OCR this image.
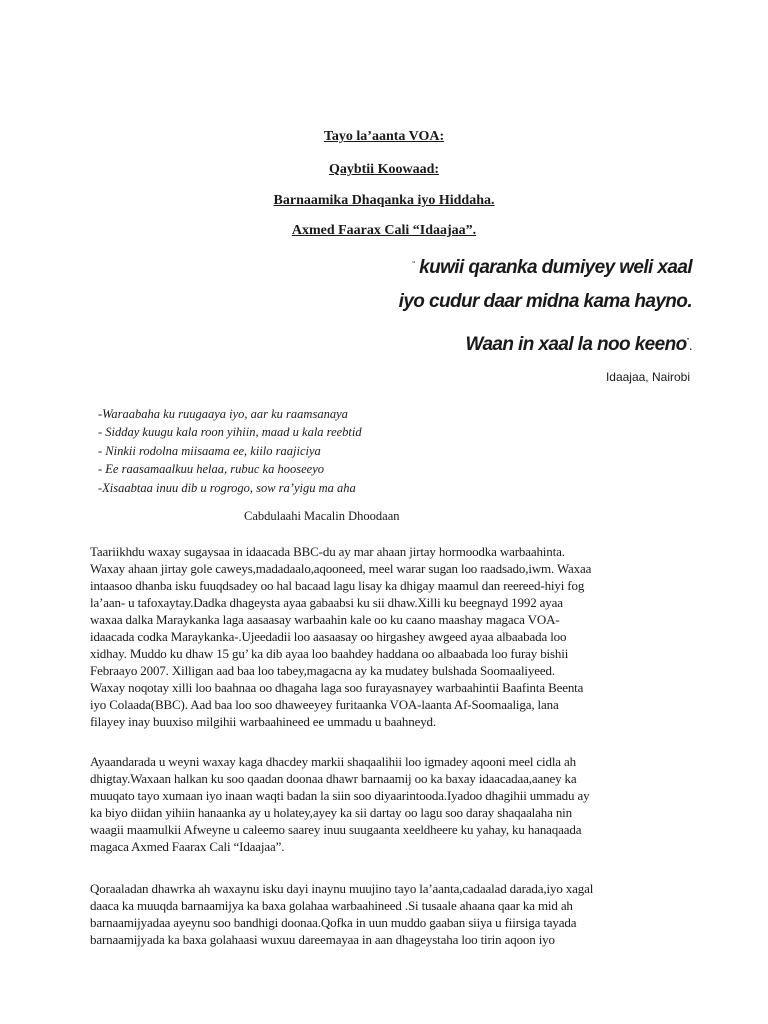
Tayo la’aanta VOA:
Qaybtii Koowaad:
Barnaamika Dhaqanka iyo Hiddaha.
Axmed Faarax Cali “Idaajaa”.
“ kuwii qaranka dumiyey weli xaal
iyo cudur daar midna kama hayno.
Waan in xaal la noo keeno”.
Idaajaa, Nairobi
-Waraabaha ku ruugaaya iyo, aar ku raamsanaya
- Sidday kuugu kala roon yihiin, maad u kala reebtid
- Ninkii rodolna miisaama ee, kiilo raajiciya
- Ee raasamaalkuu helaa, rubuc ka hooseeyo
-Xisaabtaa inuu dib u rogrogo, sow ra’yigu ma aha
Cabdulaahi Macalin Dhoodaan
Taariikhdu waxay sugaysaa in idaacada BBC-du ay mar ahaan jirtay hormoodka warbaahinta.
Waxay ahaan jirtay gole caweys,madadaalo,aqooneed, meel warar sugan loo raadsado,iwm. Waxaa
intaasoo dhanba isku fuuqdsadey oo hal bacaad lagu lisay ka dhigay maamul dan reereed-hiyi fog
la’aan- u tafoxaytay.Dadka dhageysta ayaa gabaabsi ku sii dhaw.Xilli ku beegnayd 1992 ayaa
waxaa dalka Maraykanka laga aasaasay warbaahin kale oo ku caano maashay magaca VOA-
idaacada codka Maraykanka-.Ujeedadii loo aasaasay oo hirgashey awgeed ayaa albaabada loo
xidhay. Muddo ku dhaw 15 gu’ ka dib ayaa loo baahdey haddana oo albaabada loo furay bishii
Febraayo 2007. Xilligan aad baa loo tabey,magacna ay ka mudatey bulshada Soomaaliyeed.
Waxay noqotay xilli loo baahnaa oo dhagaha laga soo furayasnayey warbaahintii Baafinta Beenta
iyo Colaada(BBC). Aad baa loo soo dhaweeyey furitaanka VOA-laanta Af-Soomaaliga, lana
filayey inay buuxiso milgihii warbaahineed ee ummadu u baahneyd.
Ayaandarada u weyni waxay kaga dhacdey markii shaqaalihii loo igmadey aqooni meel cidla ah
dhigtay.Waxaan halkan ku soo qaadan doonaa dhawr barnaamij oo ka baxay idaacadaa,aaney ka
muuqato tayo xumaan iyo inaan waqti badan la siin soo diyaarintooda.Iyadoo dhagihii ummadu ay
ka biyo diidan yihiin hanaanka ay u holatey,ayey ka sii dartay oo lagu soo daray shaqaalaha nin
waagii maamulkii Afweyne u caleemo saarey inuu suugaanta xeeldheere ku yahay, ku hanaqaada
magaca Axmed Faarax Cali “Idaajaa”.
Qoraaladan dhawrka ah waxaynu isku dayi inaynu muujino tayo la’aanta,cadaalad darada,iyo xagal
daaca ka muuqda barnaamijya ka baxa golahaa warbaahineed .Si tusaale ahaana qaar ka mid ah
barnaamijyadaa ayeynu soo bandhigi doonaa.Qofka in uun muddo gaaban siiya u fiirsiga tayada
barnaamijyada ka baxa golahaasi wuxuu dareemayaa in aan dhageystaha loo tirin aqoon iyo
